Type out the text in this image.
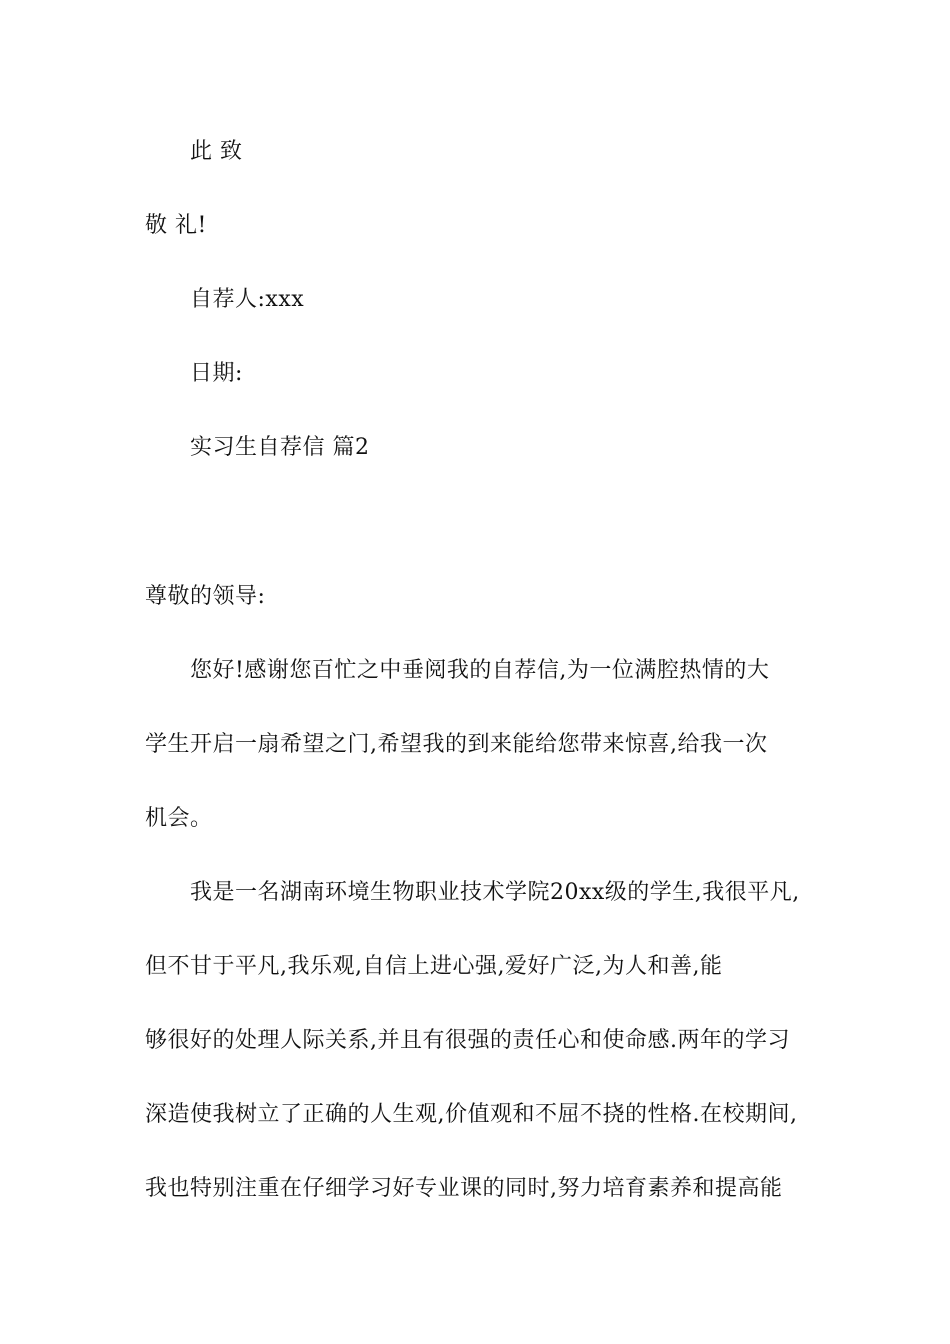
此 致
敬 礼!
自荐人:xxx
日期:
实习生自荐信 篇2
尊敬的领导:
您好!感谢您百忙之中垂阅我的自荐信,为一位满腔热情的大
学生开启一扇希望之门,希望我的到来能给您带来惊喜,给我一次
机会。
我是一名湖南环境生物职业技术学院20xx级的学生,我很平凡,
但不甘于平凡,我乐观,自信上进心强,爱好广泛,为人和善,能
够很好的处理人际关系,并且有很强的责任心和使命感.两年的学习
深造使我树立了正确的人生观,价值观和不屈不挠的性格.在校期间,
我也特别注重在仔细学习好专业课的同时,努力培育素养和提高能
